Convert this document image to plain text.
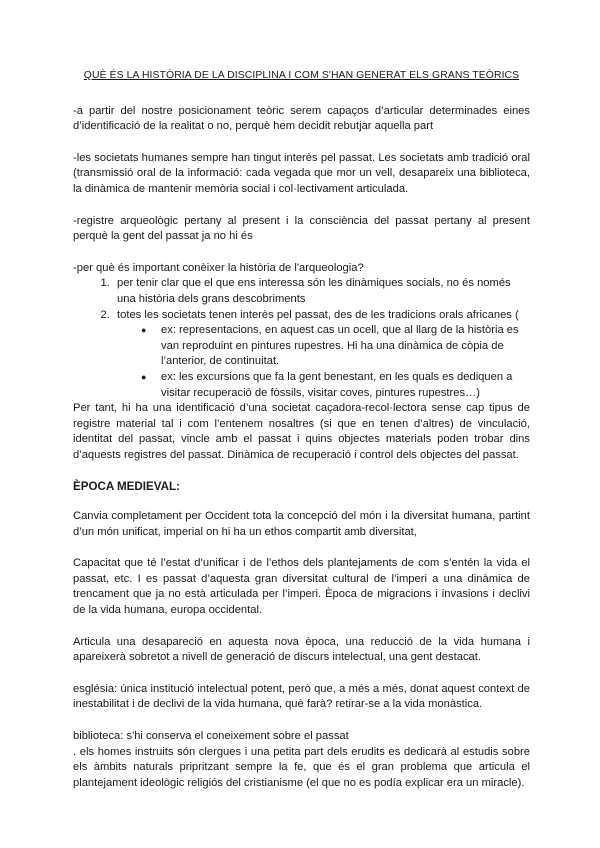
QUÈ ÉS LA HISTÒRIA DE LA DISCIPLINA I COM S'HAN GENERAT ELS GRANS TEÒRICS

-a partir del nostre posicionament teòric serem capaços d’articular determinades eines d’identificació de la realitat o no, perquè hem decidit rebutjar aquella part

-les societats humanes sempre han tingut interès pel passat. Les societats amb tradició oral (transmissió oral de la informació: cada vegada que mor un vell, desapareix una biblioteca, la dinàmica de mantenir memòria social i col·lectivament articulada.

-registre arqueològic pertany al present i la consciència del passat pertany al present perquè la gent del passat ja no hi és

-per què és important conèixer la història de l'arqueologia?

1. per tenir clar que el que ens interessa són les dinàmiques socials, no és només una història dels grans descobriments
2. totes les societats tenen interès pel passat, des de les tradicions orals africanes (
● ex: representacions, en aquest cas un ocell, que al llarg de la història es van reproduint en pintures rupestres. Hi ha una dinàmica de còpia de l’anterior, de continuitat.
● ex: les excursions que fa la gent benestant, en les quals es dediquen a visitar recuperació de fòssils, visitar coves, pintures rupestres…)

Per tant, hi ha una identificació d’una societat caçadora-recol·lectora sense cap tipus de registre material tal i com l’entenem nosaltres (si que en tenen d’altres) de vinculació, identitat del passat, vincle amb el passat i quins objectes materials poden trobar dins d’aquests registres del passat. Dinàmica de recuperació i control dels objectes del passat.

ÈPOCA MEDIEVAL:

Canvia completament per Occident tota la concepció del món i la diversitat humana, partint d’un món unificat, imperial on hi ha un ethos compartit amb diversitat,

Capacitat que té l’estat d’unificar i de l’ethos dels plantejaments de com s’entén la vida el passat, etc. I es passat d’aquesta gran diversitat cultural de l’imperi a una dinàmica de trencament que ja no està articulada per l’imperi. Època de migracions i invasions i declivi de la vida humana, europa occidental.

Articula una desapareció en aquesta nova època, una reducció de la vida humana i apareixerà sobretot a nivell de generació de discurs intelectual, una gent destacat.

església: única institució intelectual potent, però que, a més a més, donat aquest context de inestabilitat i de declivi de la vida humana, què farà? retirar-se a la vida monàstica.

biblioteca: s'hi conserva el coneixement sobre el passat

. els homes instruits són clergues i una petita part dels erudits es dedicarà al estudis sobre els àmbits naturals pripritzant sempre la fe, que és el gran problema que articula el plantejament ideològic religiós del cristianisme (el que no es podía explicar era un miracle).
